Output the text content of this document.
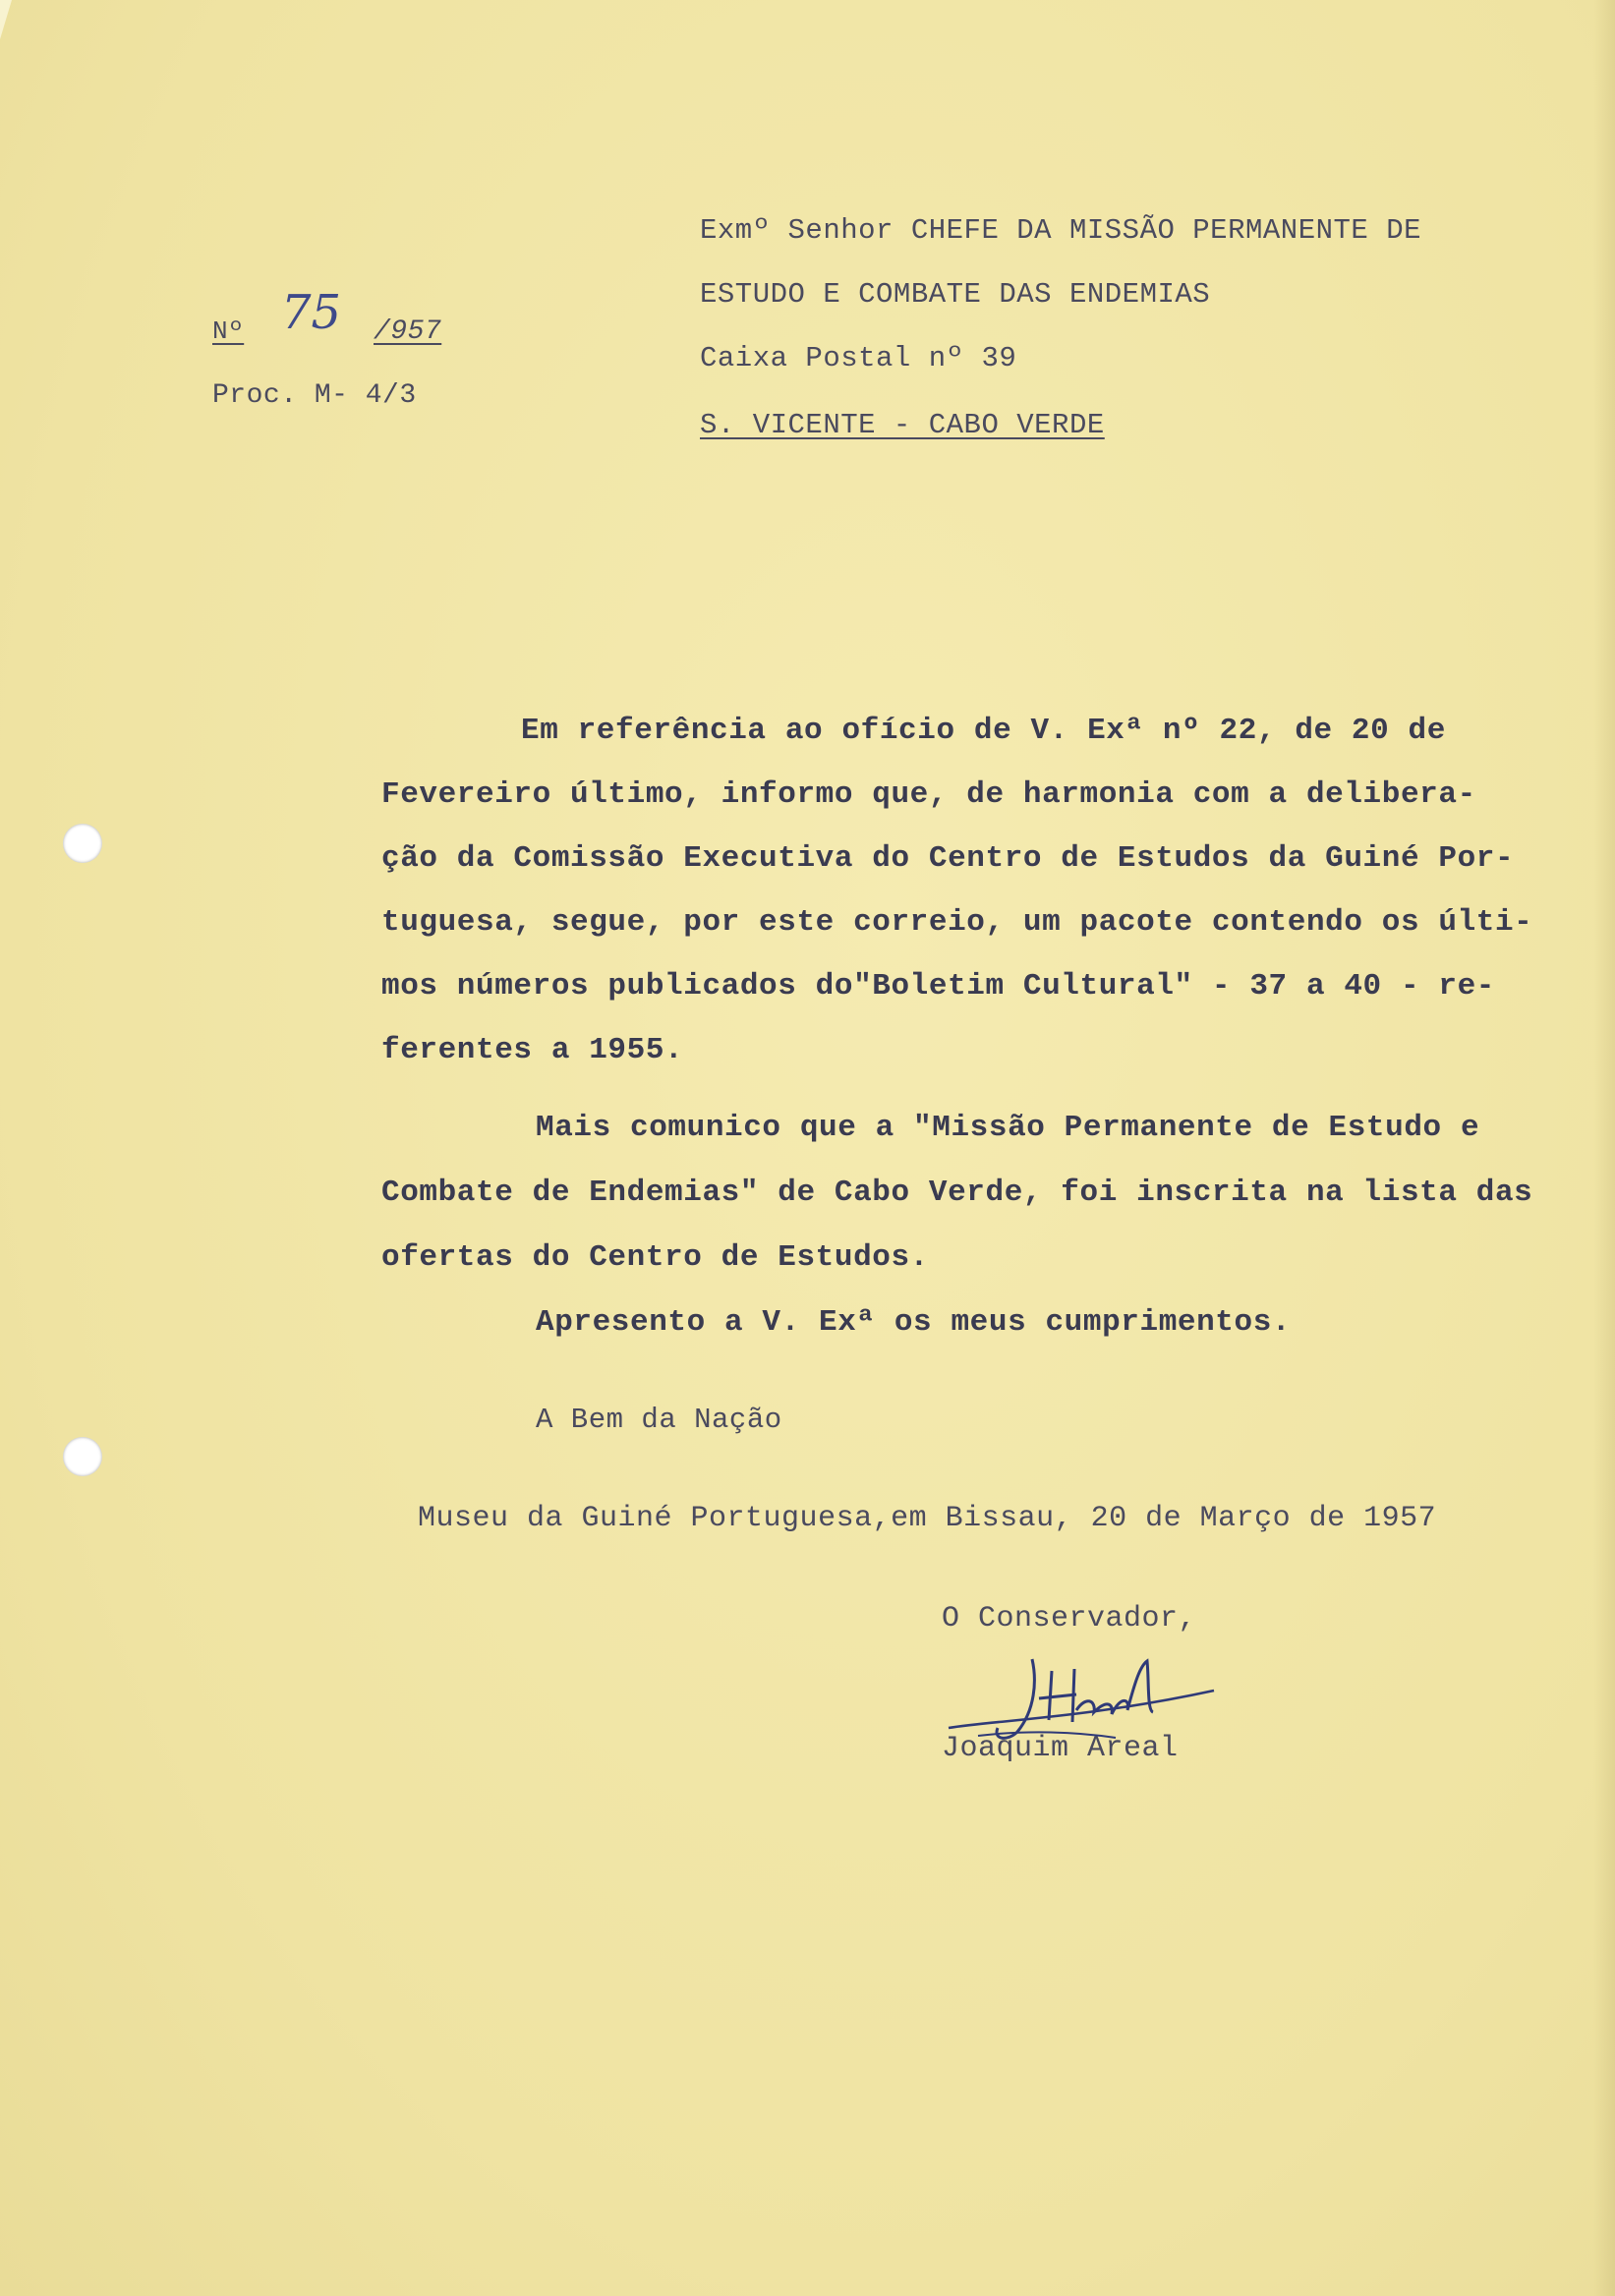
Nº 75 /957
Proc. M- 4/3
Exmº Senhor CHEFE DA MISSÃO PERMANENTE DE
ESTUDO E COMBATE DAS ENDEMIAS
Caixa Postal nº 39
S. VICENTE - CABO VERDE
Em referência ao ofício de V. Exª nº 22, de 20 de
Fevereiro último, informo que, de harmonia com a delibera-
ção da Comissão Executiva do Centro de Estudos da Guiné Por-
tuguesa, segue, por este correio, um pacote contendo os últi-
mos números publicados do"Boletim Cultural" - 37 a 40 - re-
ferentes a 1955.
Mais comunico que a "Missão Permanente de Estudo e
Combate de Endemias" de Cabo Verde, foi inscrita na lista das
ofertas do Centro de Estudos.
Apresento a V. Exª os meus cumprimentos.
A Bem da Nação
Museu da Guiné Portuguesa,em Bissau, 20 de Março de 1957
O Conservador,
Joaquim Areal
